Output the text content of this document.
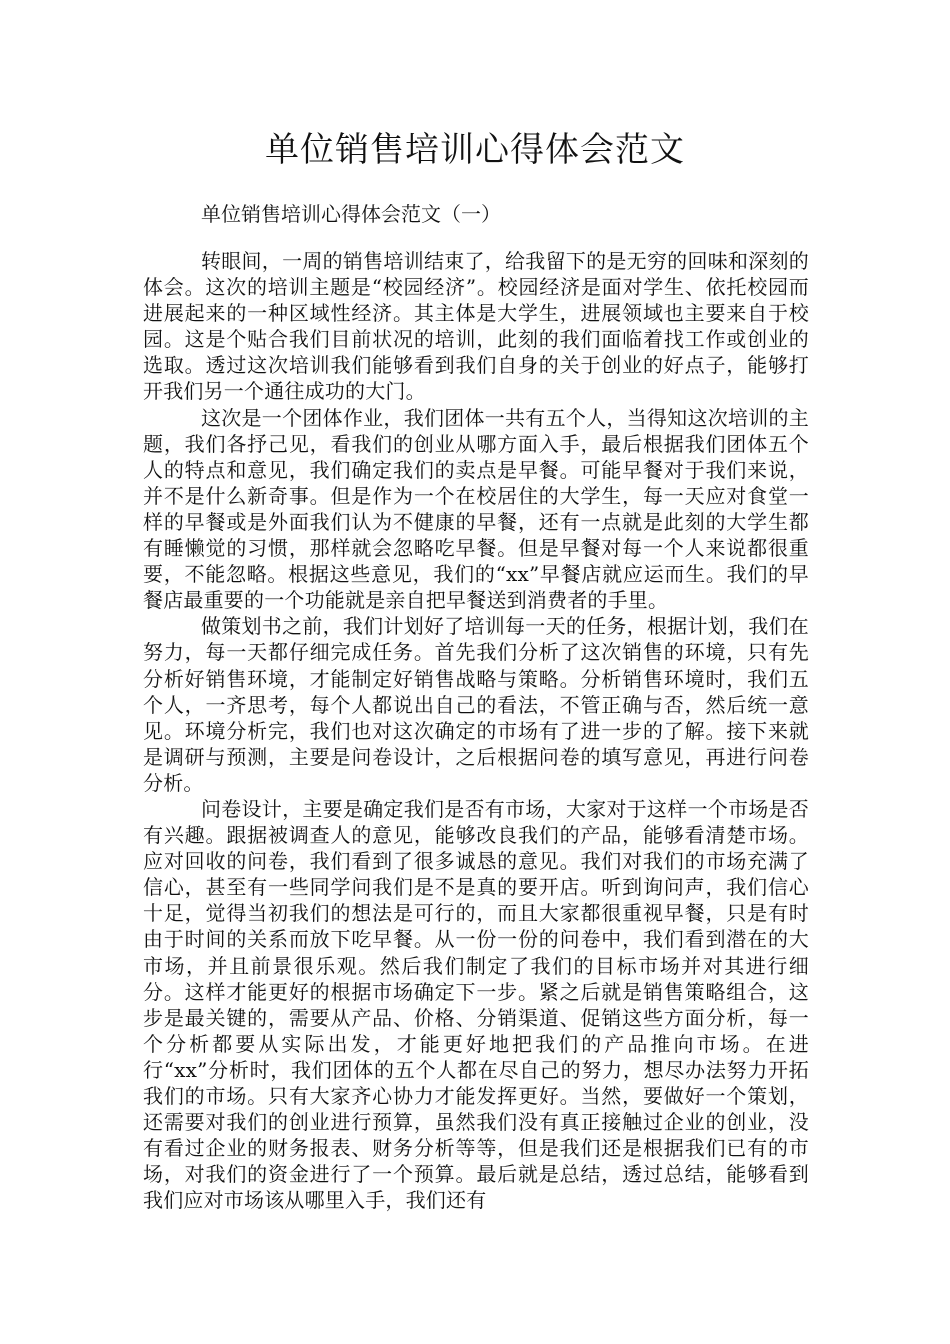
单位销售培训心得体会范文

单位销售培训心得体会范文（一）

转眼间，一周的销售培训结束了，给我留下的是无穷的回味和深刻的体会。这次的培训主题是“校园经济”。校园经济是面对学生、依托校园而进展起来的一种区域性经济。其主体是大学生，进展领域也主要来自于校园。这是个贴合我们目前状况的培训，此刻的我们面临着找工作或创业的选取。透过这次培训我们能够看到我们自身的关于创业的好点子，能够打开我们另一个通往成功的大门。

这次是一个团体作业，我们团体一共有五个人，当得知这次培训的主题，我们各抒己见，看我们的创业从哪方面入手，最后根据我们团体五个人的特点和意见，我们确定我们的卖点是早餐。可能早餐对于我们来说，并不是什么新奇事。但是作为一个在校居住的大学生，每一天应对食堂一样的早餐或是外面我们认为不健康的早餐，还有一点就是此刻的大学生都有睡懒觉的习惯，那样就会忽略吃早餐。但是早餐对每一个人来说都很重要，不能忽略。根据这些意见，我们的“xx”早餐店就应运而生。我们的早餐店最重要的一个功能就是亲自把早餐送到消费者的手里。

做策划书之前，我们计划好了培训每一天的任务，根据计划，我们在努力，每一天都仔细完成任务。首先我们分析了这次销售的环境，只有先分析好销售环境，才能制定好销售战略与策略。分析销售环境时，我们五个人，一齐思考，每个人都说出自己的看法，不管正确与否，然后统一意见。环境分析完，我们也对这次确定的市场有了进一步的了解。接下来就是调研与预测，主要是问卷设计，之后根据问卷的填写意见，再进行问卷分析。

问卷设计，主要是确定我们是否有市场，大家对于这样一个市场是否有兴趣。跟据被调查人的意见，能够改良我们的产品，能够看清楚市场。应对回收的问卷，我们看到了很多诚恳的意见。我们对我们的市场充满了信心，甚至有一些同学问我们是不是真的要开店。听到询问声，我们信心十足，觉得当初我们的想法是可行的，而且大家都很重视早餐，只是有时由于时间的关系而放下吃早餐。从一份一份的问卷中，我们看到潜在的大市场，并且前景很乐观。然后我们制定了我们的目标市场并对其进行细分。这样才能更好的根据市场确定下一步。紧之后就是销售策略组合，这步是最关键的，需要从产品、价格、分销渠道、促销这些方面分析，每一个分析都要从实际出发，才能更好地把我们的产品推向市场。在进行“xx”分析时，我们团体的五个人都在尽自己的努力，想尽办法努力开拓我们的市场。只有大家齐心协力才能发挥更好。当然，要做好一个策划，还需要对我们的创业进行预算，虽然我们没有真正接触过企业的创业，没有看过企业的财务报表、财务分析等等，但是我们还是根据我们已有的市场，对我们的资金进行了一个预算。最后就是总结，透过总结，能够看到我们应对市场该从哪里入手，我们还有
